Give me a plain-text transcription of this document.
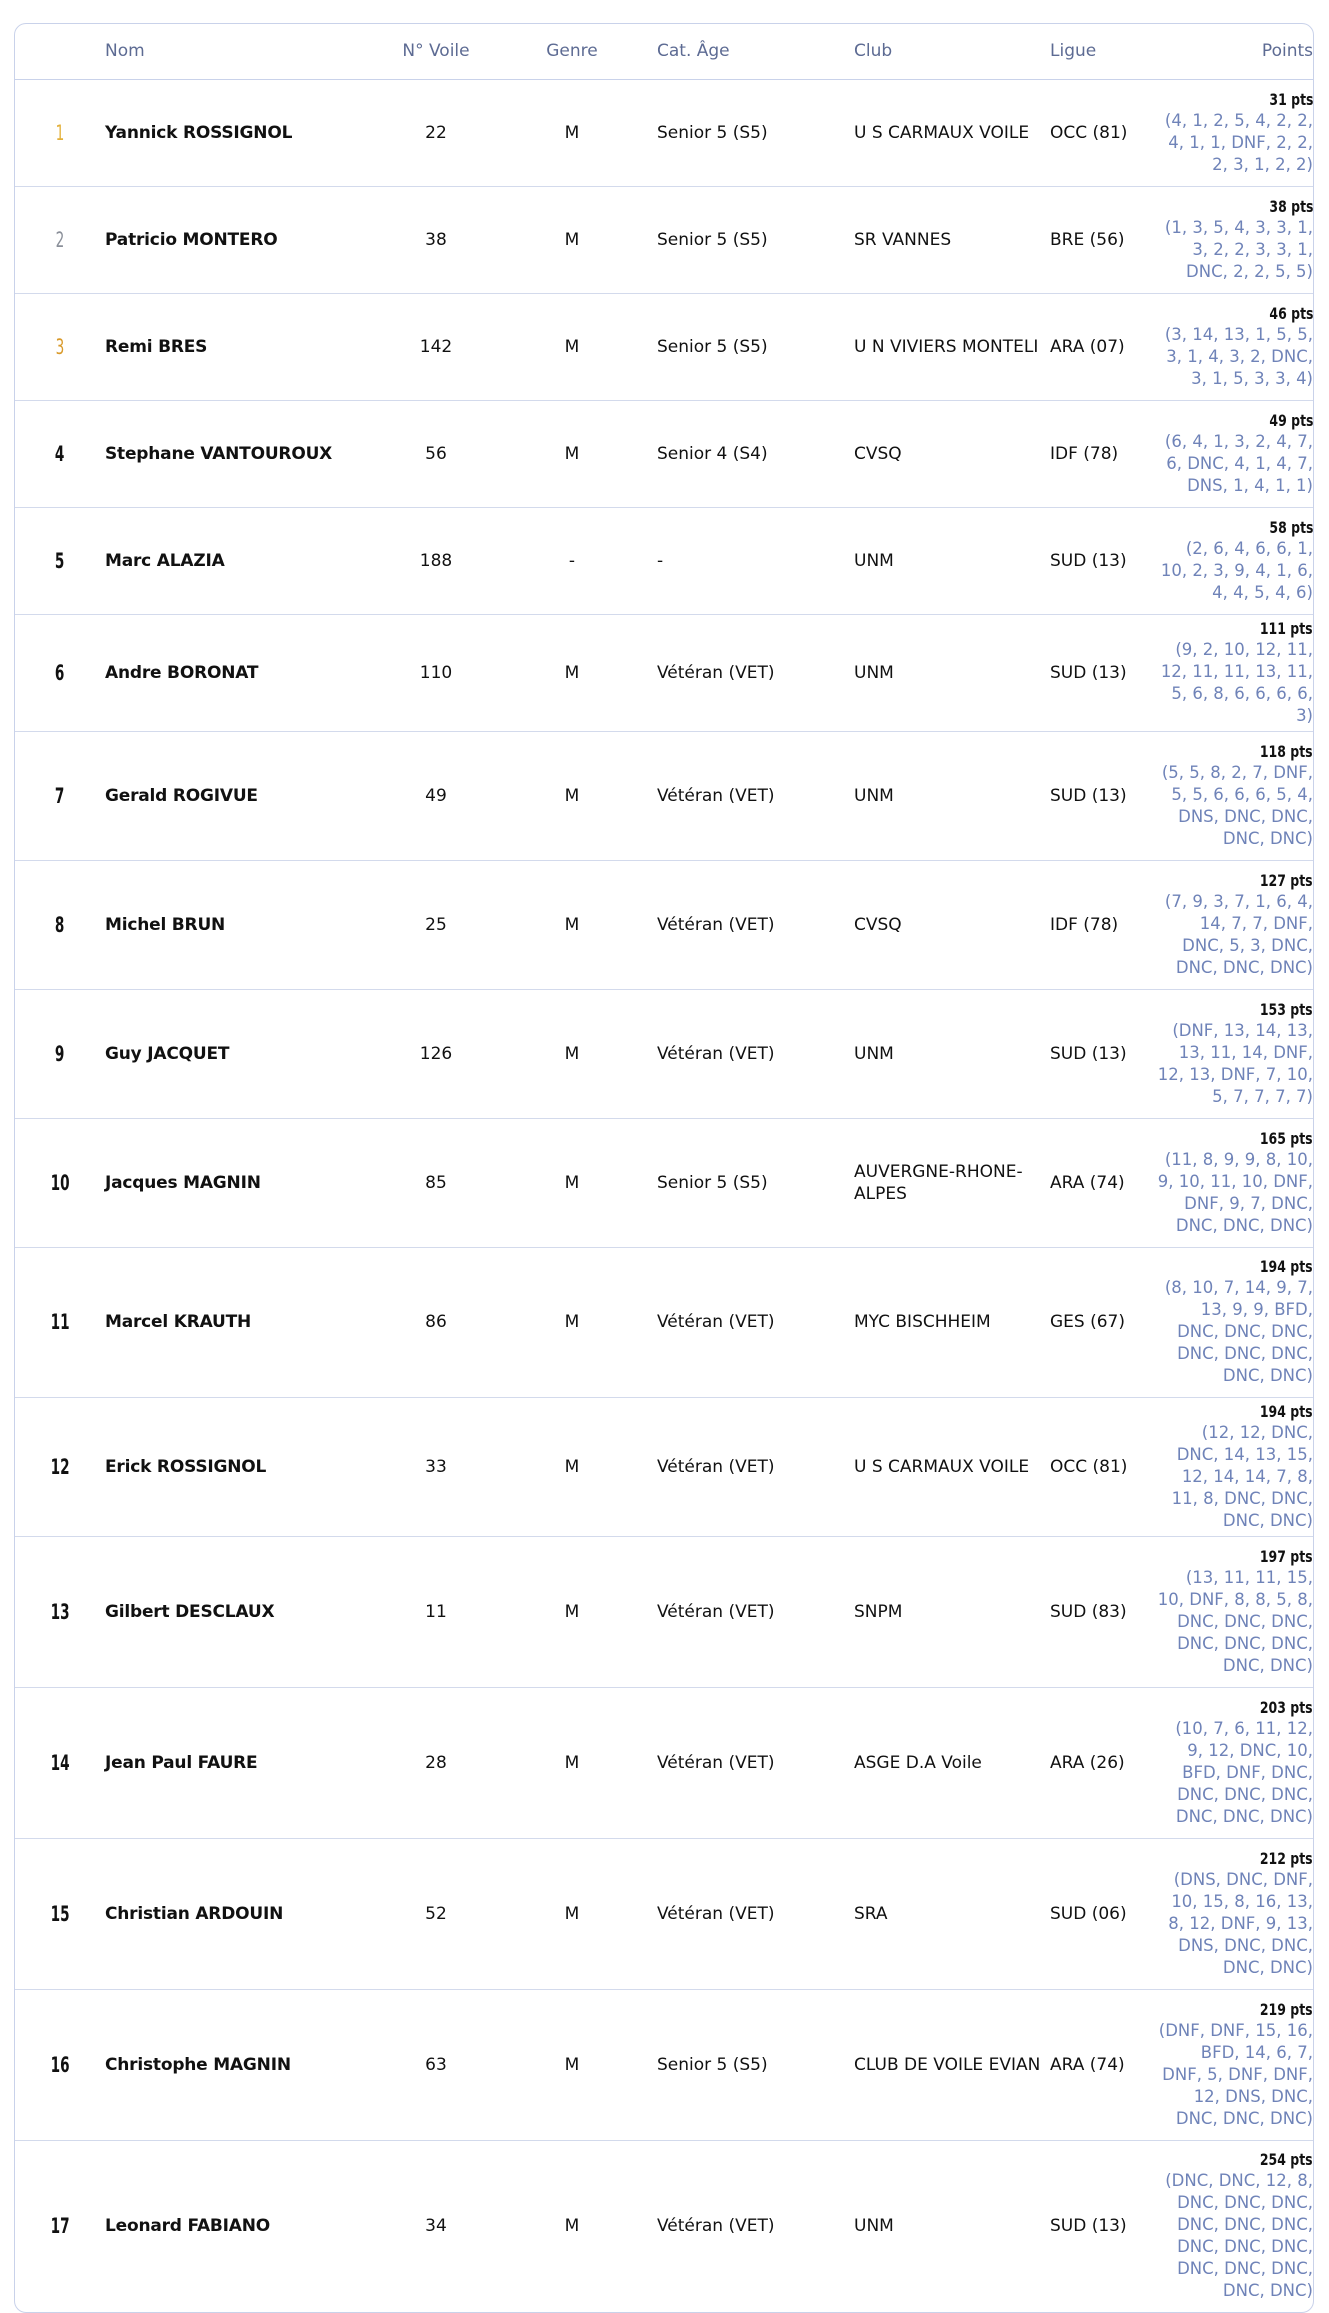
	Nom	N° Voile	Genre	Cat. Âge	Club	Ligue	Points
1	Yannick ROSSIGNOL	22	M	Senior 5 (S5)	U S CARMAUX VOILE	OCC (81)	31 pts
(4, 1, 2, 5, 4, 2, 2, 4, 1, 1, DNF, 2, 2, 2, 3, 1, 2, 2)

2	Patricio MONTERO	38	M	Senior 5 (S5)	SR VANNES	BRE (56)	38 pts
(1, 3, 5, 4, 3, 3, 1, 3, 2, 2, 3, 3, 1, DNC, 2, 2, 5, 5)

3	Remi BRES	142	M	Senior 5 (S5)	U N VIVIERS MONTELI	ARA (07)	46 pts
(3, 14, 13, 1, 5, 5, 3, 1, 4, 3, 2, DNC, 3, 1, 5, 3, 3, 4)

4	Stephane VANTOUROUX	56	M	Senior 4 (S4)	CVSQ	IDF (78)	49 pts
(6, 4, 1, 3, 2, 4, 7, 6, DNC, 4, 1, 4, 7, DNS, 1, 4, 1, 1)

5	Marc ALAZIA	188	-	-	UNM	SUD (13)	58 pts
(2, 6, 4, 6, 6, 1, 10, 2, 3, 9, 4, 1, 6, 4, 4, 5, 4, 6)

6	Andre BORONAT	110	M	Vétéran (VET)	UNM	SUD (13)	111 pts
(9, 2, 10, 12, 11, 12, 11, 11, 13, 11, 5, 6, 8, 6, 6, 6, 6, 3)

7	Gerald ROGIVUE	49	M	Vétéran (VET)	UNM	SUD (13)	118 pts
(5, 5, 8, 2, 7, DNF, 5, 5, 6, 6, 6, 5, 4, DNS, DNC, DNC, DNC, DNC)

8	Michel BRUN	25	M	Vétéran (VET)	CVSQ	IDF (78)	127 pts
(7, 9, 3, 7, 1, 6, 4, 14, 7, 7, DNF, DNC, 5, 3, DNC, DNC, DNC, DNC)

9	Guy JACQUET	126	M	Vétéran (VET)	UNM	SUD (13)	153 pts
(DNF, 13, 14, 13, 13, 11, 14, DNF, 12, 13, DNF, 7, 10, 5, 7, 7, 7, 7)

10	Jacques MAGNIN	85	M	Senior 5 (S5)	AUVERGNE-RHONE-ALPES	ARA (74)	165 pts
(11, 8, 9, 9, 8, 10, 9, 10, 11, 10, DNF, DNF, 9, 7, DNC, DNC, DNC, DNC)

11	Marcel KRAUTH	86	M	Vétéran (VET)	MYC BISCHHEIM	GES (67)	194 pts
(8, 10, 7, 14, 9, 7, 13, 9, 9, BFD, DNC, DNC, DNC, DNC, DNC, DNC, DNC, DNC)

12	Erick ROSSIGNOL	33	M	Vétéran (VET)	U S CARMAUX VOILE	OCC (81)	194 pts
(12, 12, DNC, DNC, 14, 13, 15, 12, 14, 14, 7, 8, 11, 8, DNC, DNC, DNC, DNC)

13	Gilbert DESCLAUX	11	M	Vétéran (VET)	SNPM	SUD (83)	197 pts
(13, 11, 11, 15, 10, DNF, 8, 8, 5, 8, DNC, DNC, DNC, DNC, DNC, DNC, DNC, DNC)

14	Jean Paul FAURE	28	M	Vétéran (VET)	ASGE D.A Voile	ARA (26)	203 pts
(10, 7, 6, 11, 12, 9, 12, DNC, 10, BFD, DNF, DNC, DNC, DNC, DNC, DNC, DNC, DNC)

15	Christian ARDOUIN	52	M	Vétéran (VET)	SRA	SUD (06)	212 pts
(DNS, DNC, DNF, 10, 15, 8, 16, 13, 8, 12, DNF, 9, 13, DNS, DNC, DNC, DNC, DNC)

16	Christophe MAGNIN	63	M	Senior 5 (S5)	CLUB DE VOILE EVIAN	ARA (74)	219 pts
(DNF, DNF, 15, 16, BFD, 14, 6, 7, DNF, 5, DNF, DNF, 12, DNS, DNC, DNC, DNC, DNC)

17	Leonard FABIANO	34	M	Vétéran (VET)	UNM	SUD (13)	254 pts
(DNC, DNC, 12, 8, DNC, DNC, DNC, DNC, DNC, DNC, DNC, DNC, DNC, DNC, DNC, DNC, DNC, DNC)
